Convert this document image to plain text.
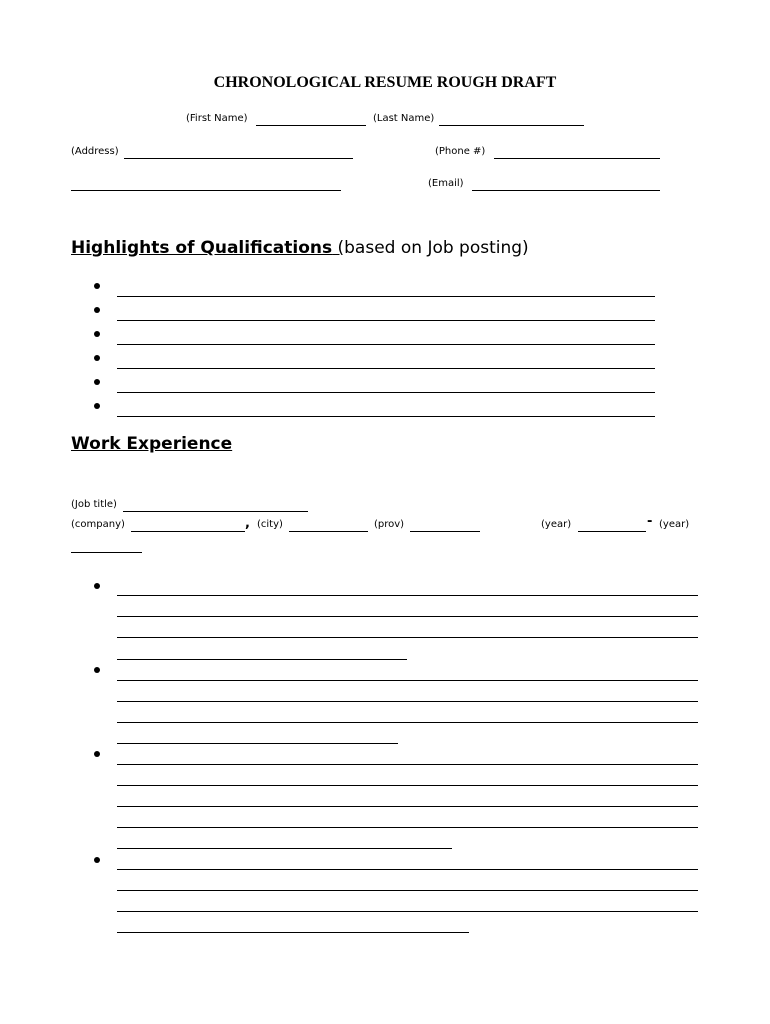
CHRONOLOGICAL RESUME ROUGH DRAFT
(First Name)	(Last Name)
(Address)	(Phone #)
(Email)
Highlights of Qualifications (based on Job posting)
Work Experience
(Job title)
(company)	, (city)	(prov)	(year)	- (year)
